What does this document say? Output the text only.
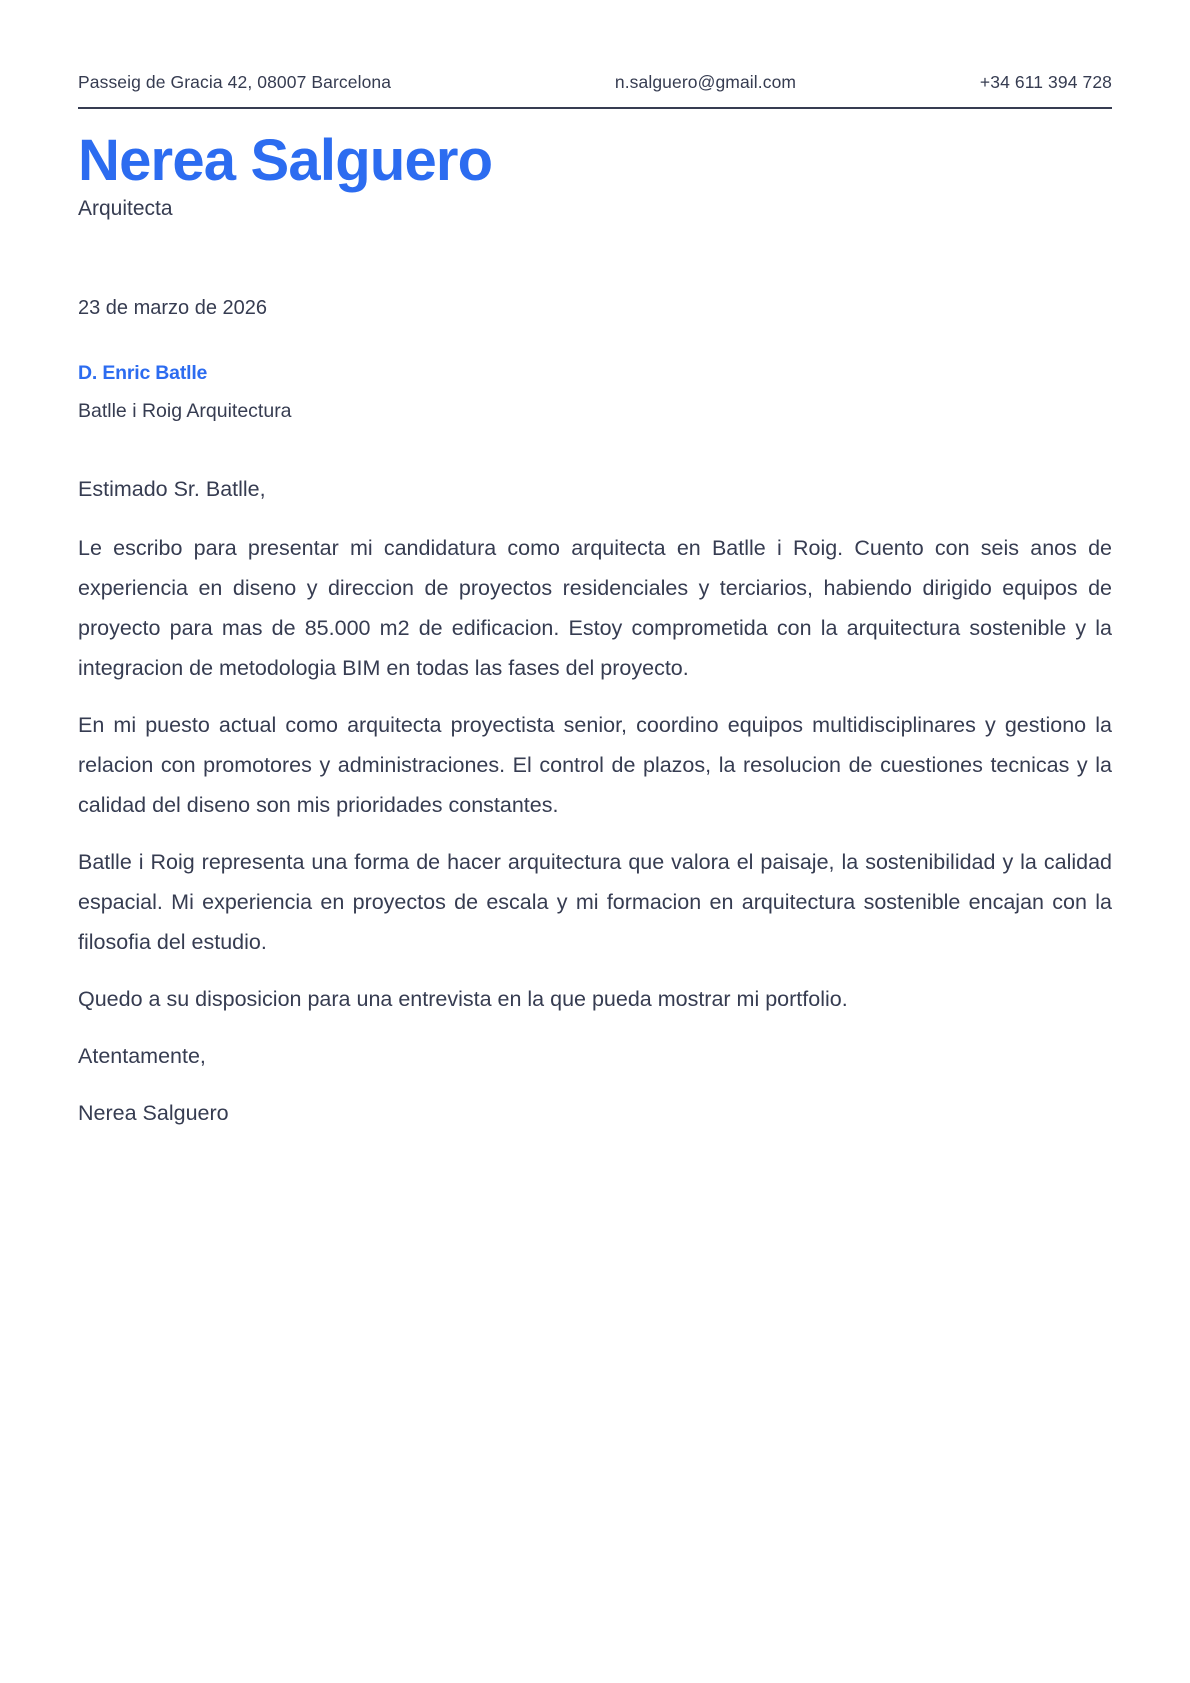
Passeig de Gracia 42, 08007 Barcelona	n.salguero@gmail.com	+34 611 394 728
Nerea Salguero
Arquitecta
23 de marzo de 2026
D. Enric Batlle
Batlle i Roig Arquitectura

Estimado Sr. Batlle,

Le escribo para presentar mi candidatura como arquitecta en Batlle i Roig. Cuento con seis anos de experiencia en diseno y direccion de proyectos residenciales y terciarios, habiendo dirigido equipos de proyecto para mas de 85.000 m2 de edificacion. Estoy comprometida con la arquitectura sostenible y la integracion de metodologia BIM en todas las fases del proyecto.

En mi puesto actual como arquitecta proyectista senior, coordino equipos multidisciplinares y gestiono la relacion con promotores y administraciones. El control de plazos, la resolucion de cuestiones tecnicas y la calidad del diseno son mis prioridades constantes.

Batlle i Roig representa una forma de hacer arquitectura que valora el paisaje, la sostenibilidad y la calidad espacial. Mi experiencia en proyectos de escala y mi formacion en arquitectura sostenible encajan con la filosofia del estudio.

Quedo a su disposicion para una entrevista en la que pueda mostrar mi portfolio.

Atentamente,

Nerea Salguero
